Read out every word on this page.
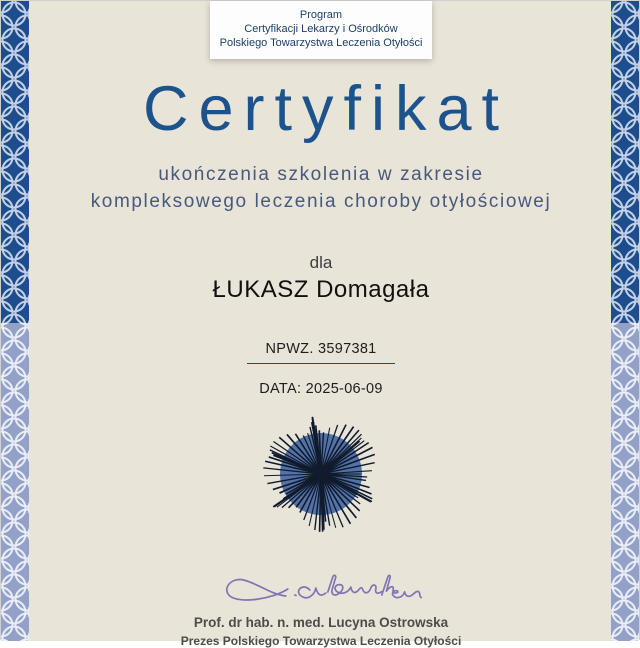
Program
Certyfikacji Lekarzy i Ośrodków
Polskiego Towarzystwa Leczenia Otyłości
Certyfikat
ukończenia szkolenia w zakresie
kompleksowego leczenia choroby otyłościowej
dla
ŁUKASZ Domagała
NPWZ. 3597381
DATA: 2025-06-09
Prof. dr hab. n. med. Lucyna Ostrowska
Prezes Polskiego Towarzystwa Leczenia Otyłości
